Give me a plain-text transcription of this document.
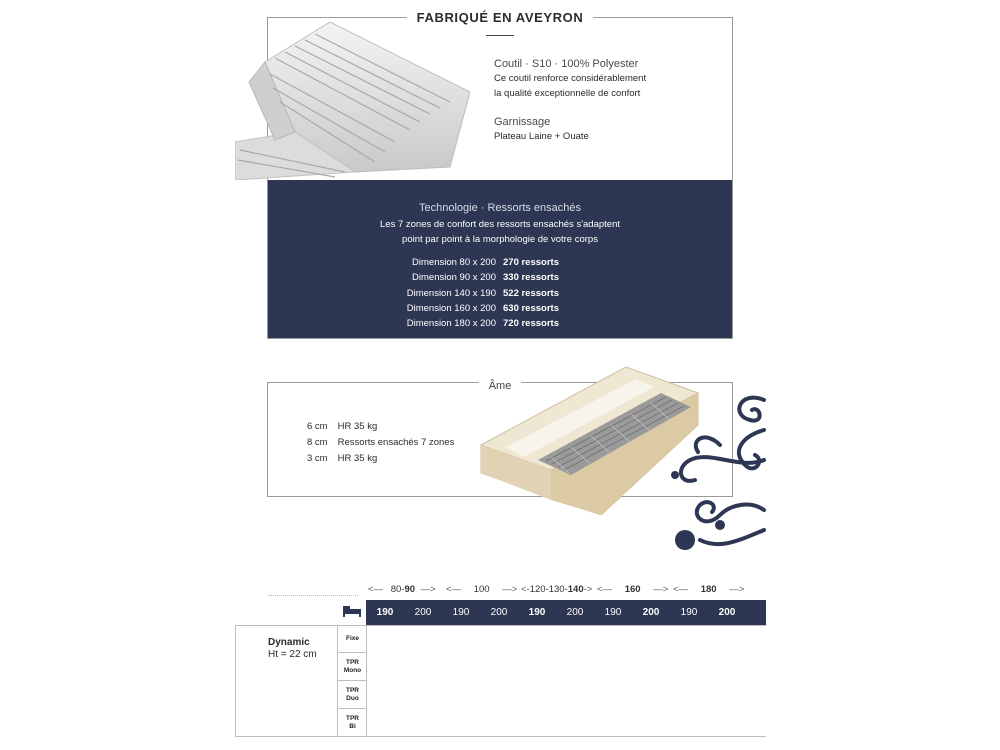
FABRIQUÉ EN AVEYRON
Coutil · S10 · 100% Polyester
Ce coutil renforce considérablement
la qualité exceptionnelle de confort
Garnissage
Plateau Laine + Ouate
Technologie · Ressorts ensachés
Les 7 zones de confort des ressorts ensachés s'adaptent
point par point à la morphologie de votre corps
Dimension 80 x 200 270 ressorts
Dimension 90 x 200 330 ressorts
Dimension 140 x 190 522 ressorts
Dimension 160 x 200 630 ressorts
Dimension 180 x 200 720 ressorts
Âme
6 cm HR 35 kg
8 cm Ressorts ensachés 7 zones
3 cm HR 35 kg
<— 80-90 —> <— 100 —> <-120-130-140-> <— 160 —> <— 180 —>
190	200	190	200	190	200	190	200	190	200
Dynamic
Ht = 22 cm
Fixe
TPR
Mono
TPR
Duo
TPR
Bi
